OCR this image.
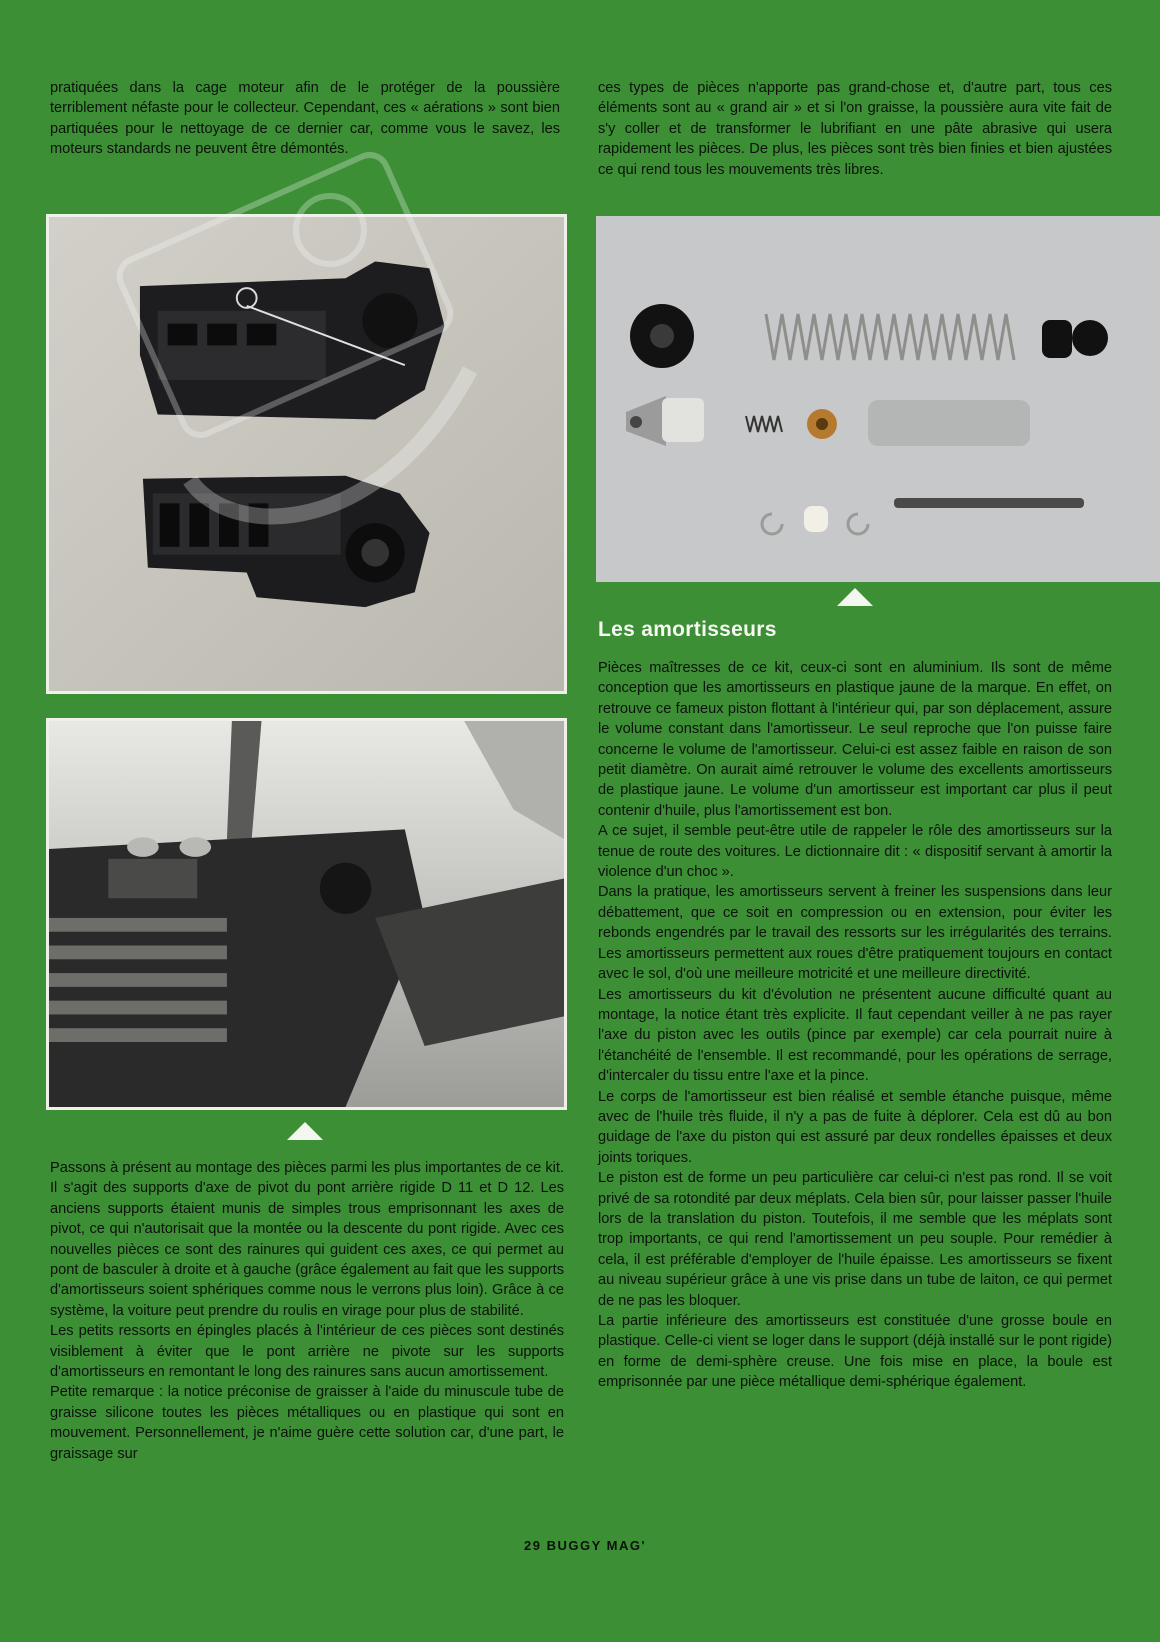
pratiquées dans la cage moteur afin de le protéger de la poussière terriblement néfaste pour le collecteur. Cependant, ces « aérations » sont bien partiquées pour le nettoyage de ce dernier car, comme vous le savez, les moteurs standards ne peuvent être démontés.

ces types de pièces n'apporte pas grand-chose et, d'autre part, tous ces éléments sont au « grand air » et si l'on graisse, la poussière aura vite fait de s'y coller et de transformer le lubrifiant en une pâte abrasive qui usera rapidement les pièces. De plus, les pièces sont très bien finies et bien ajustées ce qui rend tous les mouvements très libres.

Les amortisseurs

Passons à présent au montage des pièces parmi les plus importantes de ce kit. Il s'agit des supports d'axe de pivot du pont arrière rigide D 11 et D 12. Les anciens supports étaient munis de simples trous emprisonnant les axes de pivot, ce qui n'autorisait que la montée ou la descente du pont rigide. Avec ces nouvelles pièces ce sont des rainures qui guident ces axes, ce qui permet au pont de basculer à droite et à gauche (grâce également au fait que les supports d'amortisseurs soient sphériques comme nous le verrons plus loin). Grâce à ce système, la voiture peut prendre du roulis en virage pour plus de stabilité.

Les petits ressorts en épingles placés à l'intérieur de ces pièces sont destinés visiblement à éviter que le pont arrière ne pivote sur les supports d'amortisseurs en remontant le long des rainures sans aucun amortissement.

Petite remarque : la notice préconise de graisser à l'aide du minuscule tube de graisse silicone toutes les pièces métalliques ou en plastique qui sont en mouvement. Personnellement, je n'aime guère cette solution car, d'une part, le graissage sur

Pièces maîtresses de ce kit, ceux-ci sont en aluminium. Ils sont de même conception que les amortisseurs en plastique jaune de la marque. En effet, on retrouve ce fameux piston flottant à l'intérieur qui, par son déplacement, assure le volume constant dans l'amortisseur. Le seul reproche que l'on puisse faire concerne le volume de l'amortisseur. Celui-ci est assez faible en raison de son petit diamètre. On aurait aimé retrouver le volume des excellents amortisseurs de plastique jaune. Le volume d'un amortisseur est important car plus il peut contenir d'huile, plus l'amortissement est bon.

A ce sujet, il semble peut-être utile de rappeler le rôle des amortisseurs sur la tenue de route des voitures. Le dictionnaire dit : « dispositif servant à amortir la violence d'un choc ».

Dans la pratique, les amortisseurs servent à freiner les suspensions dans leur débattement, que ce soit en compression ou en extension, pour éviter les rebonds engendrés par le travail des ressorts sur les irrégularités des terrains. Les amortisseurs permettent aux roues d'être pratiquement toujours en contact avec le sol, d'où une meilleure motricité et une meilleure directivité.

Les amortisseurs du kit d'évolution ne présentent aucune difficulté quant au montage, la notice étant très explicite. Il faut cependant veiller à ne pas rayer l'axe du piston avec les outils (pince par exemple) car cela pourrait nuire à l'étanchéité de l'ensemble. Il est recommandé, pour les opérations de serrage, d'intercaler du tissu entre l'axe et la pince.

Le corps de l'amortisseur est bien réalisé et semble étanche puisque, même avec de l'huile très fluide, il n'y a pas de fuite à déplorer. Cela est dû au bon guidage de l'axe du piston qui est assuré par deux rondelles épaisses et deux joints toriques.

Le piston est de forme un peu particulière car celui-ci n'est pas rond. Il se voit privé de sa rotondité par deux méplats. Cela bien sûr, pour laisser passer l'huile lors de la translation du piston. Toutefois, il me semble que les méplats sont trop importants, ce qui rend l'amortissement un peu souple. Pour remédier à cela, il est préférable d'employer de l'huile épaisse. Les amortisseurs se fixent au niveau supérieur grâce à une vis prise dans un tube de laiton, ce qui permet de ne pas les bloquer.

La partie inférieure des amortisseurs est constituée d'une grosse boule en plastique. Celle-ci vient se loger dans le support (déjà installé sur le pont rigide) en forme de demi-sphère creuse. Une fois mise en place, la boule est emprisonnée par une pièce métallique demi-sphérique également.

29 BUGGY MAG'
